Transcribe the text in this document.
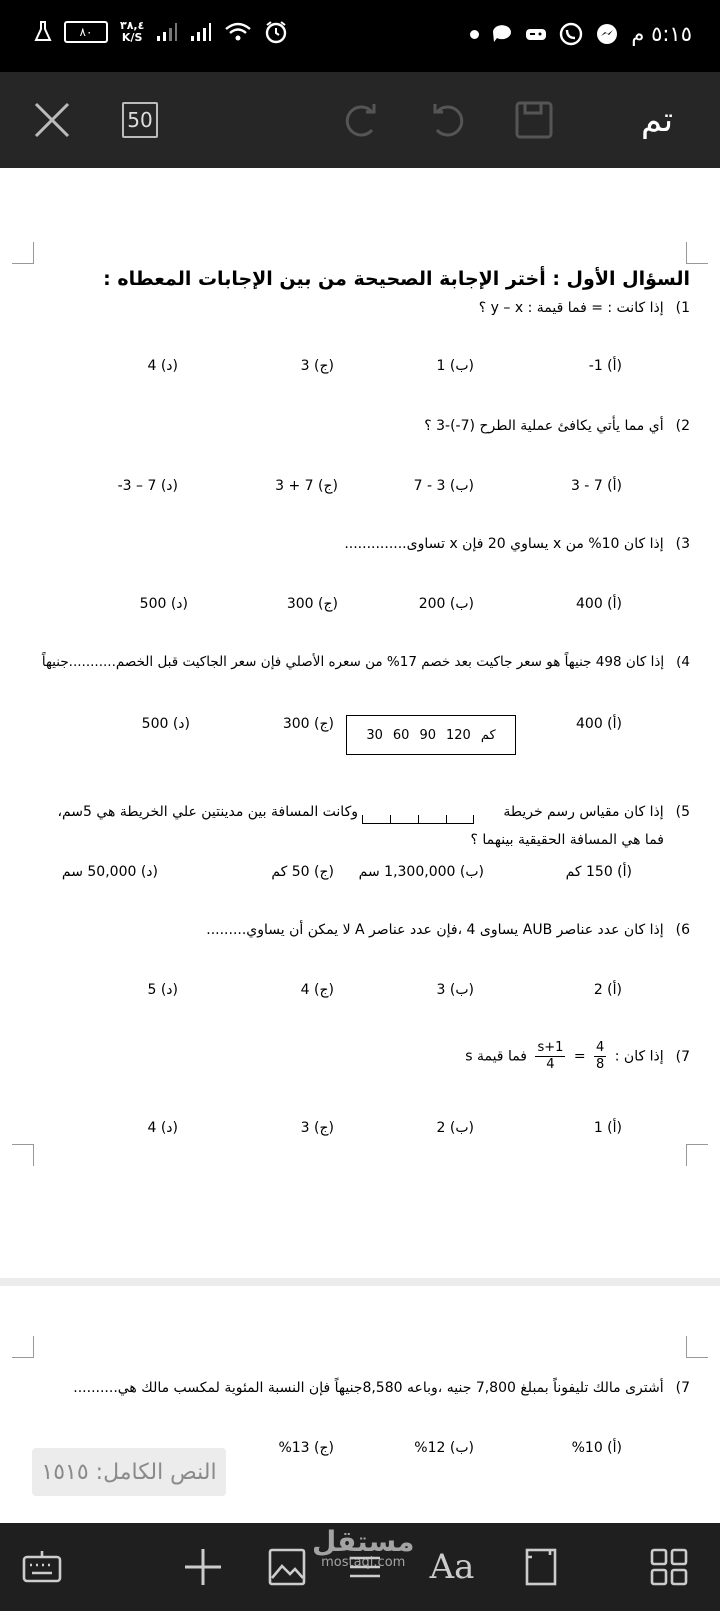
٨٠	٣٨,٤
K/S	٥:١٥ م
50	تم
السؤال الأول : أختر الإجابة الصحيحة من بين الإجابات المعطاه :
1)إذا كانت : = فما قيمة : y – x ؟
(أ) 1-
(ب) 1
(ج) 3
(د) 4
2)أي مما يأتي يكافئ عملية الطرح (7-)-3 ؟
(أ) 7 - 3
(ب) 3 - 7
(ج) 7 + 3
(د) 7 – 3-
3)إذا كان 10% من x يساوي 20 فإن x تساوى..............
(أ) 400
(ب) 200
(ج) 300
(د) 500
4)إذا كان 498 جنيهاً هو سعر جاكيت بعد خصم 17% من سعره الأصلي فإن سعر الجاكيت قبل الخصم...........جنيهاً
(أ) 400
(ج) 300
(د) 500
30 60 90 120 كم
5)إذا كان مقياس رسم خريطة
وكانت المسافة بين مدينتين علي الخريطة هي 5سم،
فما هي المسافة الحقيقية بينهما ؟
(أ) 150 كم
(ب) 1,300,000 سم
(ج) 50 كم
(د) 50,000 سم
6)إذا كان عدد عناصر AUB يساوى 4 ،فإن عدد عناصر A لا يمكن أن يساوي.........
(أ) 2
(ب) 3
(ج) 4
(د) 5
7)إذا كان :
$\frac{4}{8}$
=
$\frac{s+1}{4}$
فما قيمة s
(أ) 1
(ب) 2
(ج) 3
(د) 4
7)أشترى مالك تليفوناً بمبلغ 7,800 جنيه ،وباعه 8,580جنيهاً فإن النسبة المئوية لمكسب مالك هي..........
(أ) 10%
(ب) 12%
(ج) 13%
النص الكامل: ١٥١٥
Aa
مستقل
mostaql.com
